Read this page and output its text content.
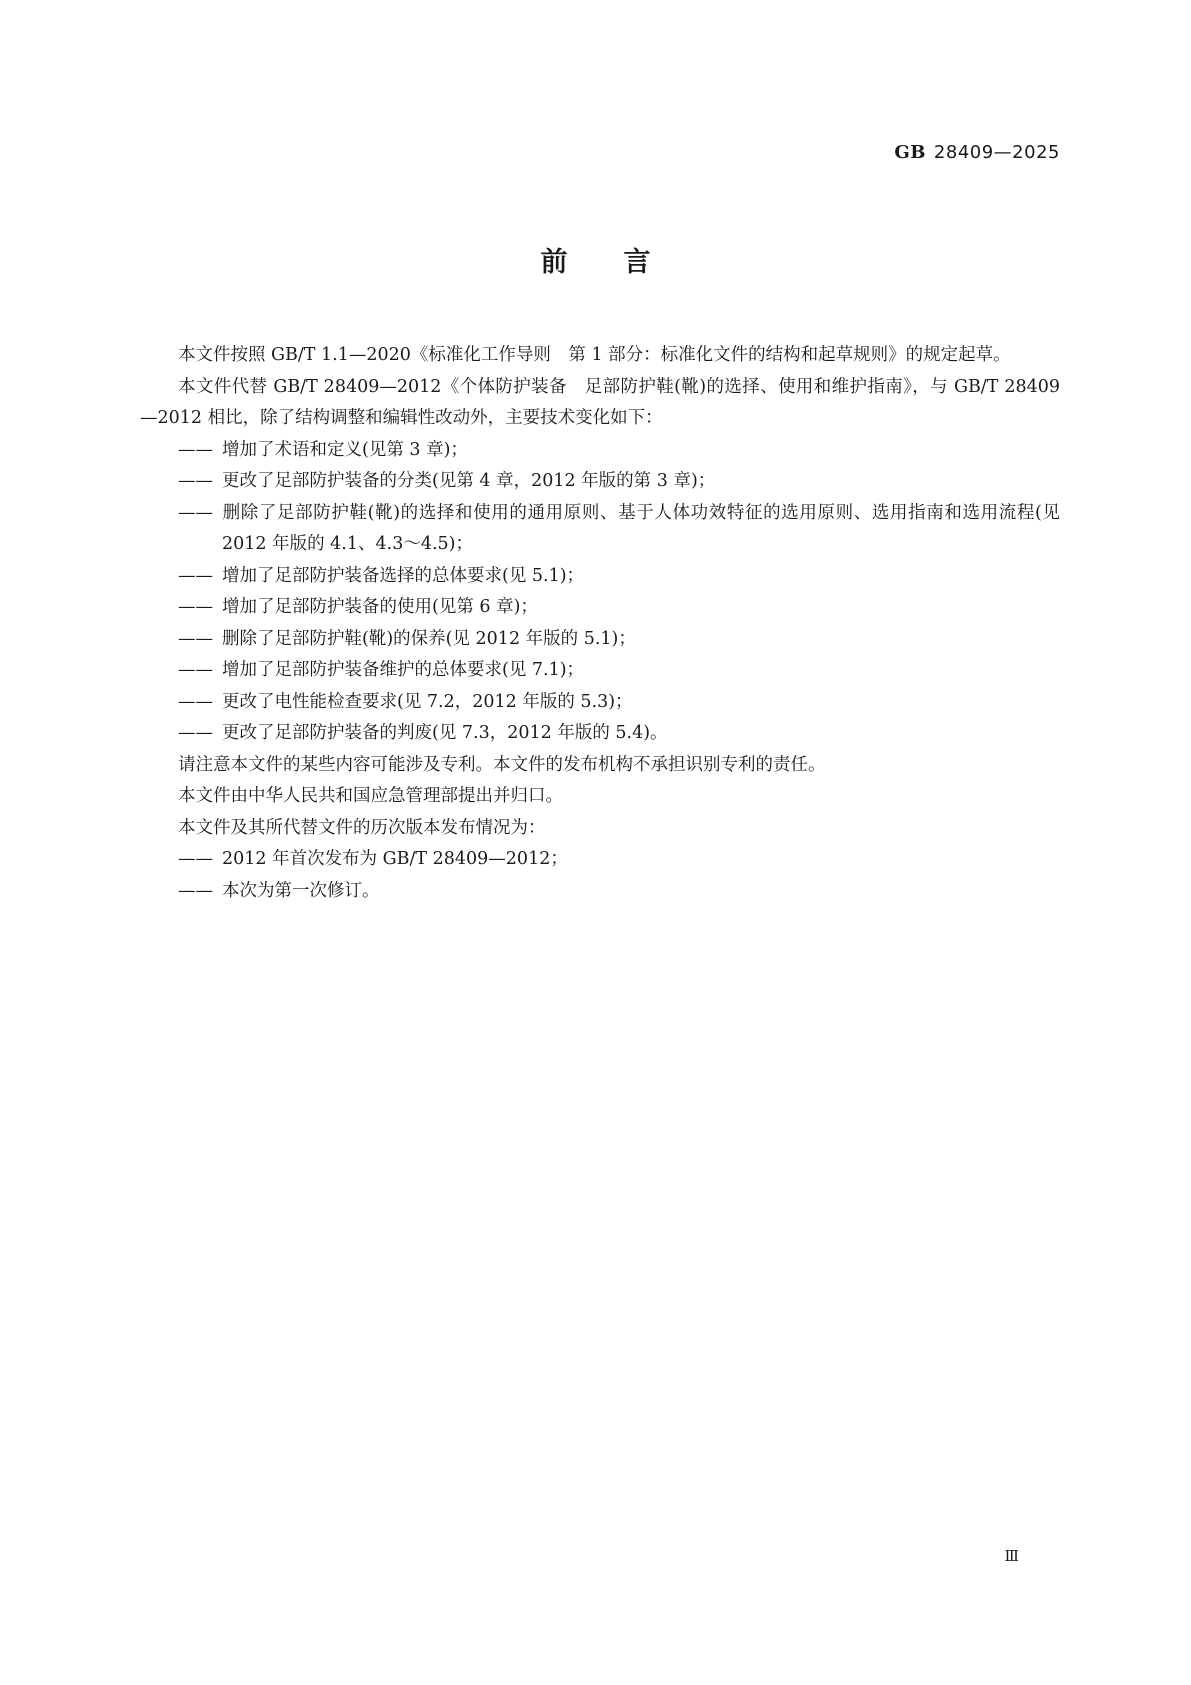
GB 28409—2025
前言

本文件按照 GB/T 1.1—2020《标准化工作导则　第 1 部分：标准化文件的结构和起草规则》的规定起草。

本文件代替 GB/T 28409—2012《个体防护装备　足部防护鞋(靴)的选择、使用和维护指南》，与 GB/T 28409—2012 相比，除了结构调整和编辑性改动外，主要技术变化如下：

—— 增加了术语和定义(见第 3 章)；

—— 更改了足部防护装备的分类(见第 4 章，2012 年版的第 3 章)；

—— 删除了足部防护鞋(靴)的选择和使用的通用原则、基于人体功效特征的选用原则、选用指南和选用流程(见 2012 年版的 4.1、4.3～4.5)；

—— 增加了足部防护装备选择的总体要求(见 5.1)；

—— 增加了足部防护装备的使用(见第 6 章)；

—— 删除了足部防护鞋(靴)的保养(见 2012 年版的 5.1)；

—— 增加了足部防护装备维护的总体要求(见 7.1)；

—— 更改了电性能检查要求(见 7.2，2012 年版的 5.3)；

—— 更改了足部防护装备的判废(见 7.3，2012 年版的 5.4)。

请注意本文件的某些内容可能涉及专利。本文件的发布机构不承担识别专利的责任。

本文件由中华人民共和国应急管理部提出并归口。

本文件及其所代替文件的历次版本发布情况为：

—— 2012 年首次发布为 GB/T 28409—2012；

—— 本次为第一次修订。

Ⅲ
